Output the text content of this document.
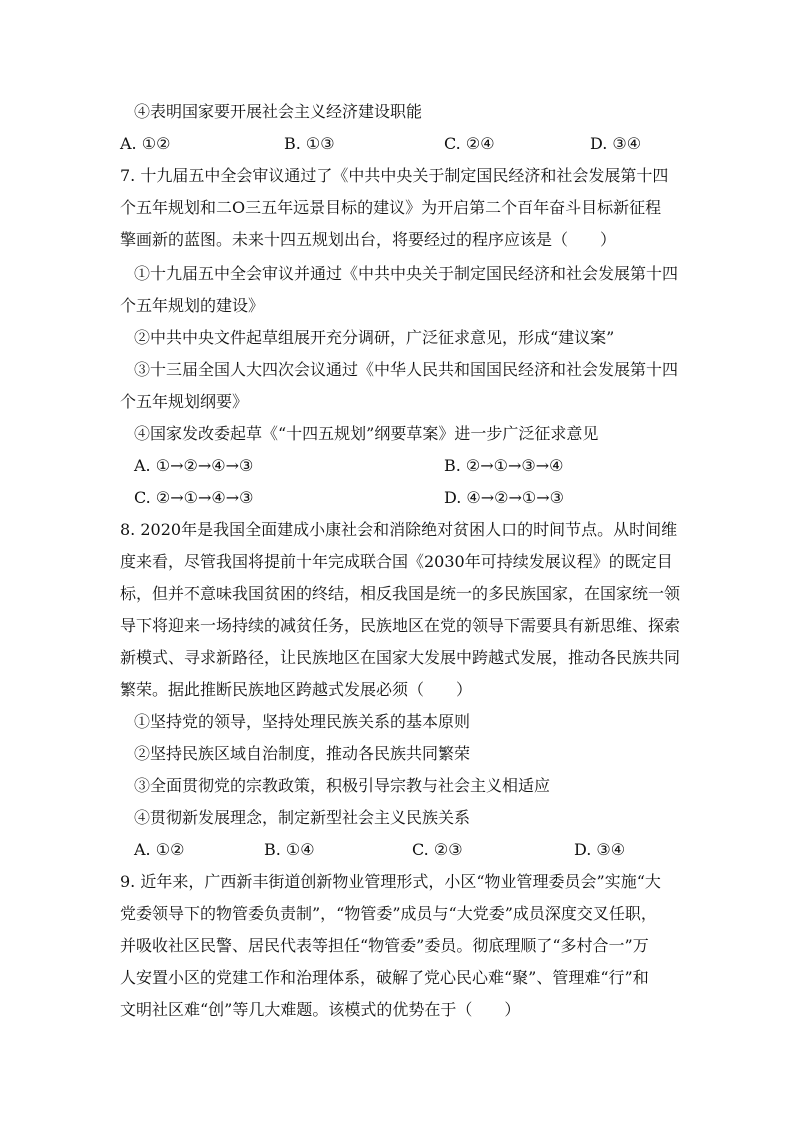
④表明国家要开展社会主义经济建设职能
A. ①②	B. ①③	C. ②④	D. ③④
7. 十九届五中全会审议通过了《中共中央关于制定国民经济和社会发展第十四
个五年规划和二O三五年远景目标的建议》为开启第二个百年奋斗目标新征程
擎画新的蓝图。未来十四五规划出台，将要经过的程序应该是（　　）
①十九届五中全会审议并通过《中共中央关于制定国民经济和社会发展第十四
个五年规划的建设》
②中共中央文件起草组展开充分调研，广泛征求意见，形成“建议案”
③十三届全国人大四次会议通过《中华人民共和国国民经济和社会发展第十四
个五年规划纲要》
④国家发改委起草《“十四五规划”纲要草案》进一步广泛征求意见
A. ①→②→④→③	B. ②→①→③→④
C. ②→①→④→③	D. ④→②→①→③
8. 2020年是我国全面建成小康社会和消除绝对贫困人口的时间节点。从时间维
度来看，尽管我国将提前十年完成联合国《2030年可持续发展议程》的既定目
标，但并不意味我国贫困的终结，相反我国是统一的多民族国家，在国家统一领
导下将迎来一场持续的减贫任务，民族地区在党的领导下需要具有新思维、探索
新模式、寻求新路径，让民族地区在国家大发展中跨越式发展，推动各民族共同
繁荣。据此推断民族地区跨越式发展必须（　　）
①坚持党的领导，坚持处理民族关系的基本原则
②坚持民族区域自治制度，推动各民族共同繁荣
③全面贯彻党的宗教政策，积极引导宗教与社会主义相适应
④贯彻新发展理念，制定新型社会主义民族关系
A. ①②	B. ①④	C. ②③	D. ③④
9. 近年来，广西新丰街道创新物业管理形式，小区“物业管理委员会”实施“大
党委领导下的物管委负责制”，“物管委”成员与“大党委”成员深度交叉任职，
并吸收社区民警、居民代表等担任“物管委”委员。彻底理顺了“多村合一”万
人安置小区的党建工作和治理体系，破解了党心民心难“聚”、管理难“行”和
文明社区难“创”等几大难题。该模式的优势在于（　　）
